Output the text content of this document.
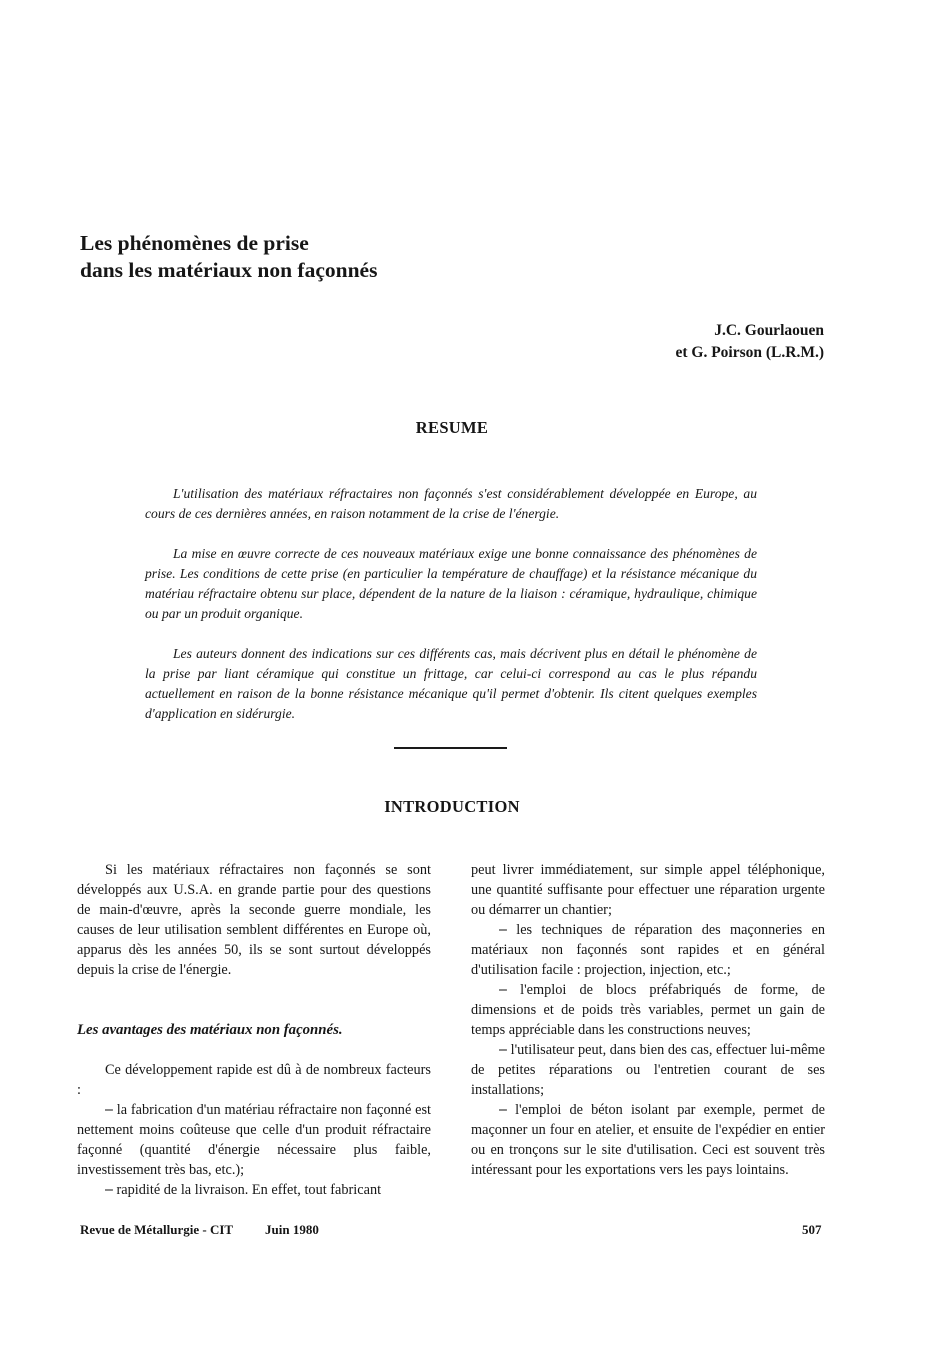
Les phénomènes de prise
dans les matériaux non façonnés
J.C. Gourlaouen
et G. Poirson (L.R.M.)
RESUME

L'utilisation des matériaux réfractaires non façonnés s'est considérablement développée en Europe, au cours de ces dernières années, en raison notamment de la crise de l'énergie.

La mise en œuvre correcte de ces nouveaux matériaux exige une bonne connaissance des phénomènes de prise. Les conditions de cette prise (en particulier la température de chauffage) et la résistance mécanique du matériau réfractaire obtenu sur place, dépendent de la nature de la liaison : céramique, hydraulique, chimique ou par un produit organique.

Les auteurs donnent des indications sur ces différents cas, mais décrivent plus en détail le phénomène de la prise par liant céramique qui constitue un frittage, car celui-ci correspond au cas le plus répandu actuellement en raison de la bonne résistance mécanique qu'il permet d'obtenir. Ils citent quelques exemples d'application en sidérurgie.

INTRODUCTION

Si les matériaux réfractaires non façonnés se sont développés aux U.S.A. en grande partie pour des questions de main-d'œuvre, après la seconde guerre mondiale, les causes de leur utilisation semblent différentes en Europe où, apparus dès les années 50, ils se sont surtout développés depuis la crise de l'énergie.

Les avantages des matériaux non façonnés.

Ce développement rapide est dû à de nombreux facteurs :

– la fabrication d'un matériau réfractaire non façonné est nettement moins coûteuse que celle d'un produit réfractaire façonné (quantité d'énergie nécessaire plus faible, investissement très bas, etc.);

– rapidité de la livraison. En effet, tout fabricant

peut livrer immédiatement, sur simple appel téléphonique, une quantité suffisante pour effectuer une réparation urgente ou démarrer un chantier;

– les techniques de réparation des maçonneries en matériaux non façonnés sont rapides et en général d'utilisation facile : projection, injection, etc.;

– l'emploi de blocs préfabriqués de forme, de dimensions et de poids très variables, permet un gain de temps appréciable dans les constructions neuves;

– l'utilisateur peut, dans bien des cas, effectuer lui-même de petites réparations ou l'entretien courant de ses installations;

– l'emploi de béton isolant par exemple, permet de maçonner un four en atelier, et ensuite de l'expédier en entier ou en tronçons sur le site d'utilisation. Ceci est souvent très intéressant pour les exportations vers les pays lointains.

Revue de Métallurgie - CIT Juin 1980	507
